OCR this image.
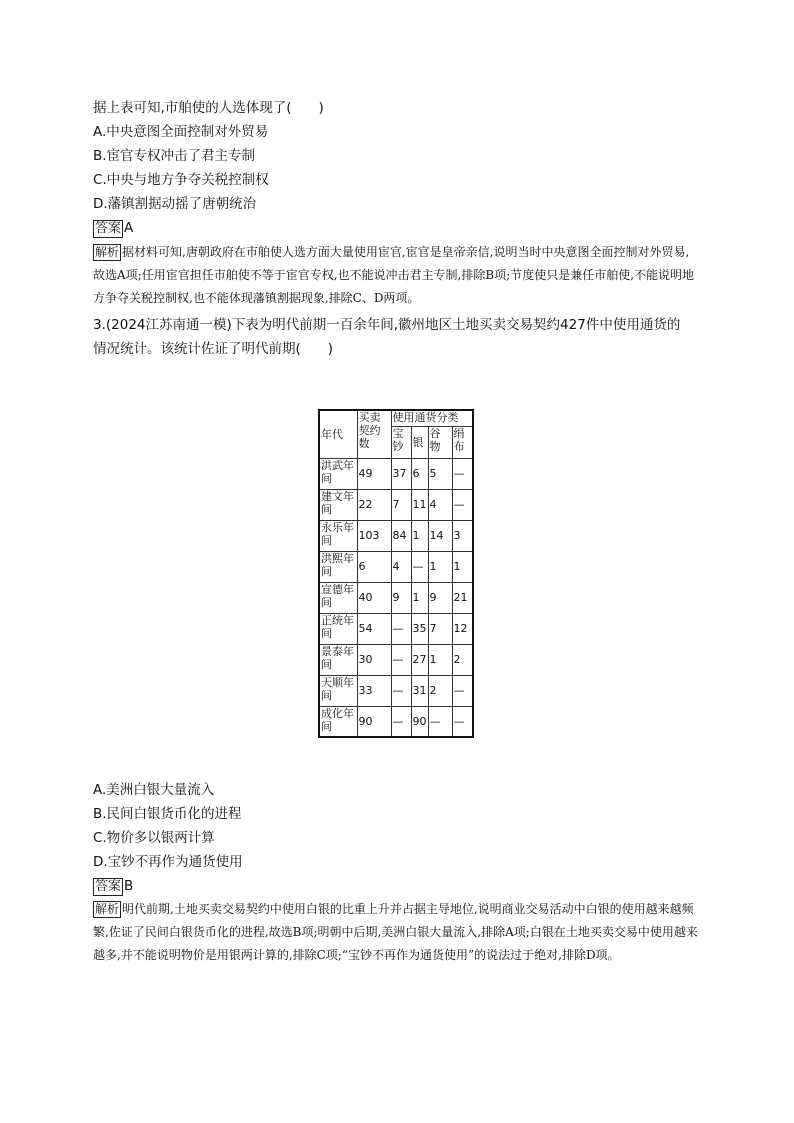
据上表可知,市舶使的人选体现了(　　)
A.中央意图全面控制对外贸易
B.宦官专权冲击了君主专制
C.中央与地方争夺关税控制权
D.藩镇割据动摇了唐朝统治
答案 A
解析 据材料可知,唐朝政府在市舶使人选方面大量使用宦官,宦官是皇帝亲信,说明当时中央意图全面控制对外贸易,故选A项;任用宦官担任市舶使不等于宦官专权,也不能说冲击君主专制,排除B项;节度使只是兼任市舶使,不能说明地方争夺关税控制权,也不能体现藩镇割据现象,排除C、D两项。
3.(2024江苏南通一模)下表为明代前期一百余年间,徽州地区土地买卖交易契约427件中使用通货的
情况统计。该统计佐证了明代前期(　　)
年代	买卖契约数	使用通货分类			
		宝钞	银	谷物	绢布
洪武年间	49	37	6	5	—
建文年间	22	7	11	4	—
永乐年间	103	84	1	14	3
洪熙年间	6	4	—	1	1
宣德年间	40	9	1	9	21
正统年间	54	—	35	7	12
景泰年间	30	—	27	1	2
天顺年间	33	—	31	2	—
成化年间	90	—	90	—	—
A.美洲白银大量流入
B.民间白银货币化的进程
C.物价多以银两计算
D.宝钞不再作为通货使用
答案 B
解析 明代前期,土地买卖交易契约中使用白银的比重上升并占据主导地位,说明商业交易活动中白银的使用越来越频繁,佐证了民间白银货币化的进程,故选B项;明朝中后期,美洲白银大量流入,排除A项;白银在土地买卖交易中使用越来越多,并不能说明物价是用银两计算的,排除C项;“宝钞不再作为通货使用”的说法过于绝对,排除D项。
